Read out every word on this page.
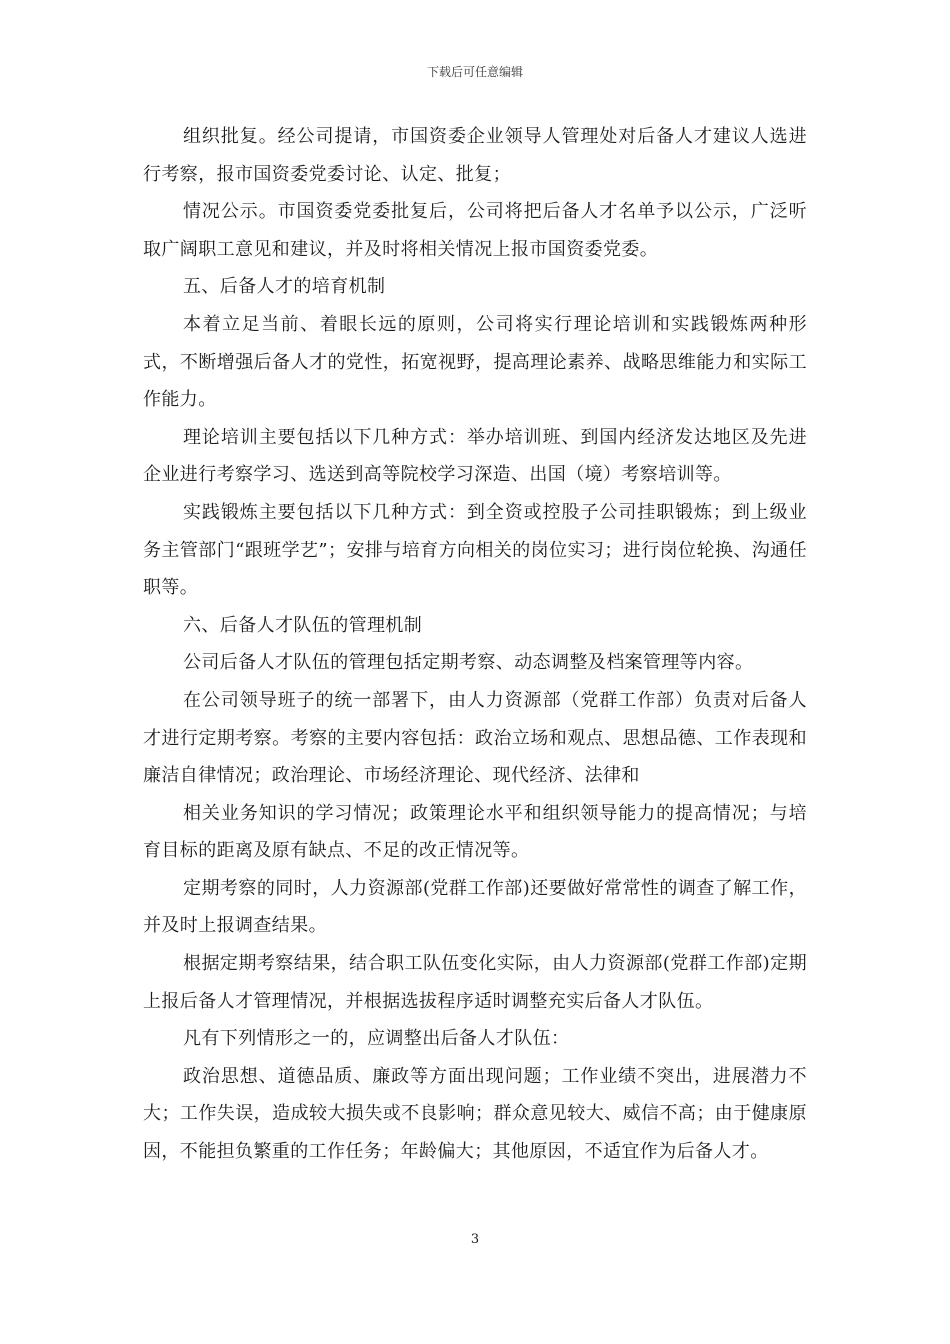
下载后可任意编辑

组织批复。经公司提请，市国资委企业领导人管理处对后备人才建议人选进行考察，报市国资委党委讨论、认定、批复；

情况公示。市国资委党委批复后，公司将把后备人才名单予以公示，广泛听取广阔职工意见和建议，并及时将相关情况上报市国资委党委。

五、后备人才的培育机制

本着立足当前、着眼长远的原则，公司将实行理论培训和实践锻炼两种形式，不断增强后备人才的党性，拓宽视野，提高理论素养、战略思维能力和实际工作能力。

理论培训主要包括以下几种方式：举办培训班、到国内经济发达地区及先进企业进行考察学习、选送到高等院校学习深造、出国（境）考察培训等。

实践锻炼主要包括以下几种方式：到全资或控股子公司挂职锻炼；到上级业务主管部门“跟班学艺”；安排与培育方向相关的岗位实习；进行岗位轮换、沟通任职等。

六、后备人才队伍的管理机制

公司后备人才队伍的管理包括定期考察、动态调整及档案管理等内容。

在公司领导班子的统一部署下，由人力资源部（党群工作部）负责对后备人才进行定期考察。考察的主要内容包括：政治立场和观点、思想品德、工作表现和廉洁自律情况；政治理论、市场经济理论、现代经济、法律和

相关业务知识的学习情况；政策理论水平和组织领导能力的提高情况；与培育目标的距离及原有缺点、不足的改正情况等。

定期考察的同时，人力资源部(党群工作部)还要做好常常性的调查了解工作，并及时上报调查结果。

根据定期考察结果，结合职工队伍变化实际，由人力资源部(党群工作部)定期上报后备人才管理情况，并根据选拔程序适时调整充实后备人才队伍。

凡有下列情形之一的，应调整出后备人才队伍：

政治思想、道德品质、廉政等方面出现问题；工作业绩不突出，进展潜力不大；工作失误，造成较大损失或不良影响；群众意见较大、威信不高；由于健康原因，不能担负繁重的工作任务；年龄偏大；其他原因，不适宜作为后备人才。

3
